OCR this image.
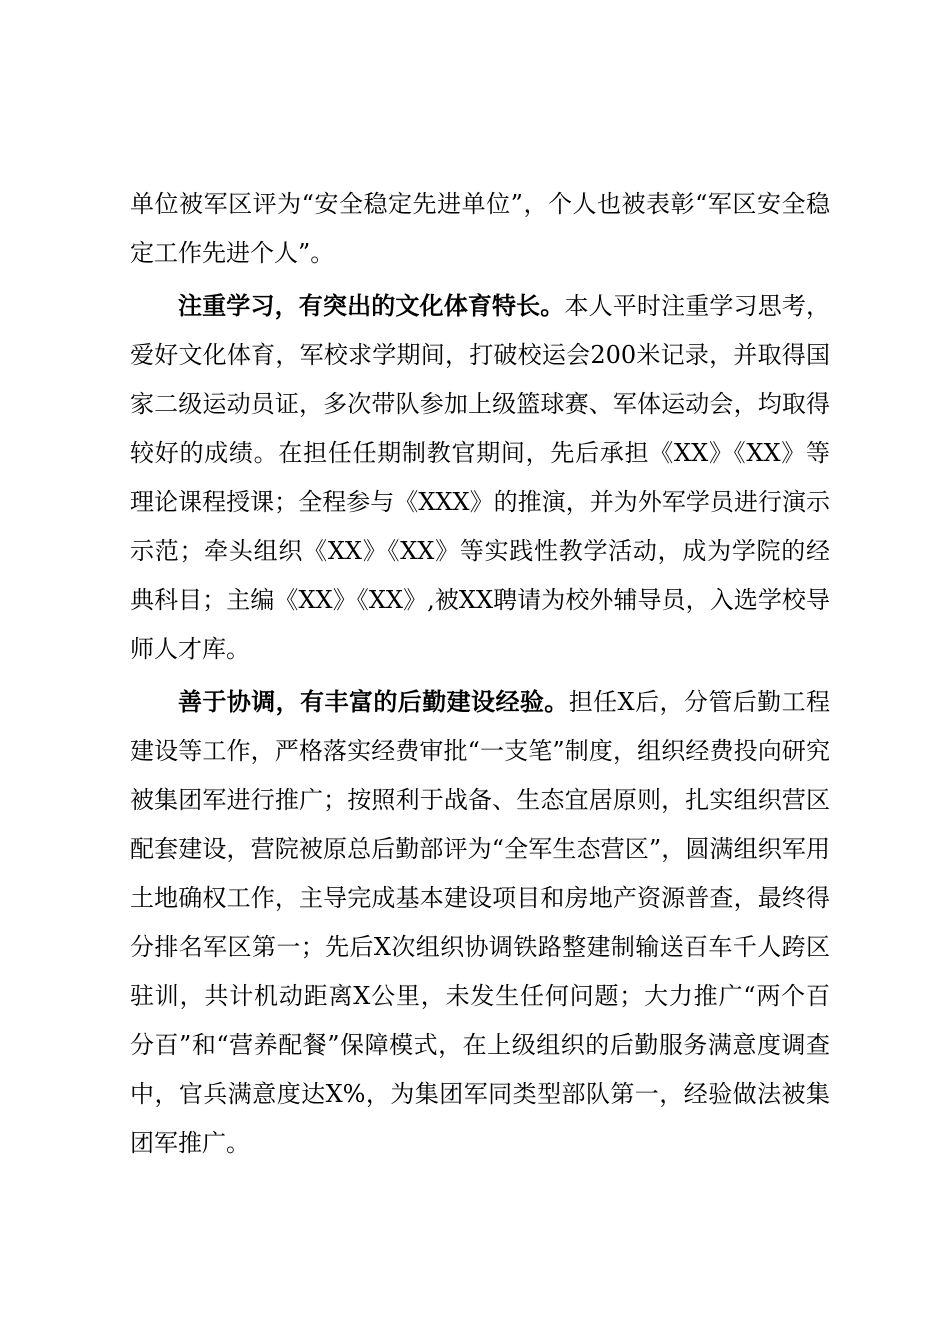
单位被军区评为“安全稳定先进单位”，个人也被表彰“军区安全稳定工作先进个人”。

注重学习，有突出的文化体育特长。本人平时注重学习思考，爱好文化体育，军校求学期间，打破校运会200米记录，并取得国家二级运动员证，多次带队参加上级篮球赛、军体运动会，均取得较好的成绩。在担任任期制教官期间，先后承担《XX》《XX》等理论课程授课；全程参与《XXX》的推演，并为外军学员进行演示示范；牵头组织《XX》《XX》等实践性教学活动，成为学院的经典科目；主编《XX》《XX》,被XX聘请为校外辅导员，入选学校导师人才库。

善于协调，有丰富的后勤建设经验。担任X后，分管后勤工程建设等工作，严格落实经费审批“一支笔”制度，组织经费投向研究被集团军进行推广；按照利于战备、生态宜居原则，扎实组织营区配套建设，营院被原总后勤部评为“全军生态营区”，圆满组织军用土地确权工作，主导完成基本建设项目和房地产资源普查，最终得分排名军区第一；先后X次组织协调铁路整建制输送百车千人跨区驻训，共计机动距离X公里，未发生任何问题；大力推广“两个百分百”和“营养配餐”保障模式，在上级组织的后勤服务满意度调查中，官兵满意度达X%，为集团军同类型部队第一，经验做法被集团军推广。
